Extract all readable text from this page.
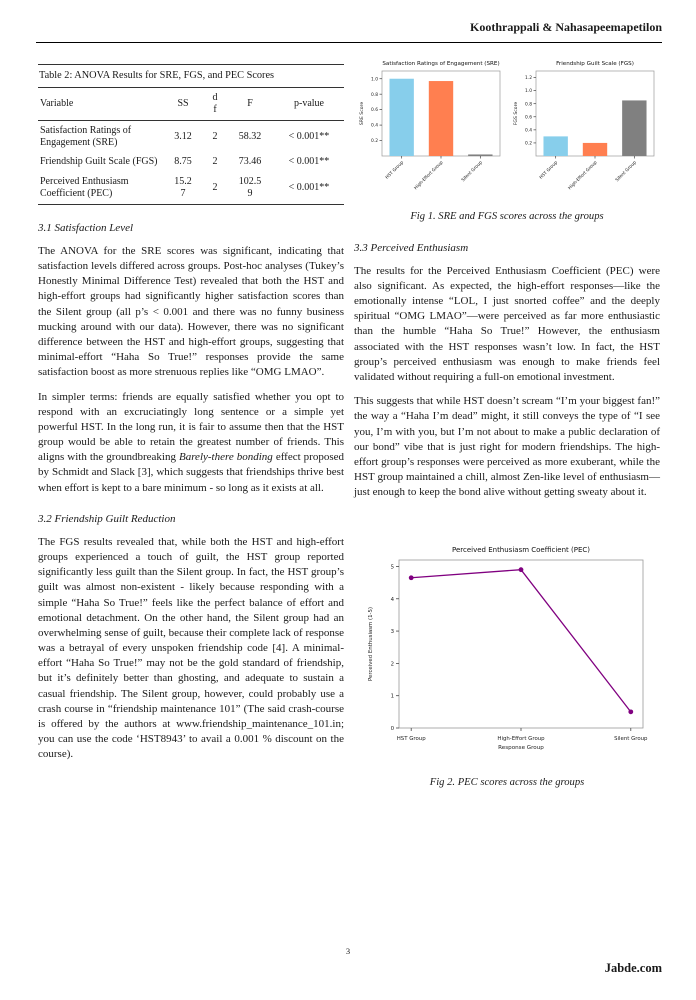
Koothrappali & Nahasapeemapetilon
Table 2: ANOVA Results for SRE, FGS, and PEC Scores
Variable	SS	df	F	p-value
Satisfaction Ratings of Engagement (SRE)	3.12	2	58.32	< 0.001**
Friendship Guilt Scale (FGS)	8.75	2	73.46	< 0.001**
Perceived Enthusiasm Coefficient (PEC)	15.27	2	102.59	< 0.001**
3.1 Satisfaction Level

The ANOVA for the SRE scores was significant, indicating that satisfaction levels differed across groups. Post-hoc analyses (Tukey’s Honestly Minimal Difference Test) revealed that both the HST and high-effort groups had significantly higher satisfaction scores than the Silent group (all p’s < 0.001 and there was no funny business mucking around with our data). However, there was no significant difference between the HST and high-effort groups, suggesting that minimal-effort “Haha So True!” responses provide the same satisfaction boost as more strenuous replies like “OMG LMAO”.

In simpler terms: friends are equally satisfied whether you opt to respond with an excruciatingly long sentence or a simple yet powerful HST. In the long run, it is fair to assume then that the HST group would be able to retain the greatest number of friends. This aligns with the groundbreaking Barely-there bonding effect proposed by Schmidt and Slack [3], which suggests that friendships thrive best when effort is kept to a bare minimum - so long as it exists at all.

3.2 Friendship Guilt Reduction

The FGS results revealed that, while both the HST and high-effort groups experienced a touch of guilt, the HST group reported significantly less guilt than the Silent group. In fact, the HST group’s guilt was almost non-existent - likely because responding with a simple “Haha So True!” feels like the perfect balance of effort and emotional detachment. On the other hand, the Silent group had an overwhelming sense of guilt, because their complete lack of response was a betrayal of every unspoken friendship code [4]. A minimal-effort “Haha So True!” may not be the gold standard of friendship, but it’s definitely better than ghosting, and adequate to sustain a casual friendship. The Silent group, however, could probably use a crash course in “friendship maintenance 101” (The said crash-course is offered by the authors at www.friendship_maintenance_101.in; you can use the code ‘HST8943’ to avail a 0.001 % discount on the course).

0.2
0.4
0.6
0.8
1.0
HST Group High-Effort Group	Silent Group
Satisfaction Ratings of Engagement (SRE)
SRE Score
0.2
0.4
0.6
0.8
1.0
1.2
HST Group High-Effort Group	Silent Group
Friendship Guilt Scale (FGS)
FGS Score
Fig 1. SRE and FGS scores across the groups
3.3 Perceived Enthusiasm

The results for the Perceived Enthusiasm Coefficient (PEC) were also significant. As expected, the high-effort responses—like the emotionally intense “LOL, I just snorted coffee” and the deeply spiritual “OMG LMAO”—were perceived as far more enthusiastic than the humble “Haha So True!” However, the enthusiasm associated with the HST responses wasn’t low. In fact, the HST group’s perceived enthusiasm was enough to make friends feel validated without requiring a full-on emotional investment.

This suggests that while HST doesn’t scream “I’m your biggest fan!” the way a “Haha I’m dead” might, it still conveys the type of “I see you, I’m with you, but I’m not about to make a public declaration of our bond” vibe that is just right for modern friendships. The high-effort group’s responses were perceived as more exuberant, while the HST group maintained a chill, almost Zen-like level of enthusiasm—just enough to keep the bond alive without getting sweaty about it.

0
1
2
3
4
5
HST Group	High-Effort Group	Silent Group
Response Group
Perceived Enthusiasm Coefficient (PEC)
Perceived Enthusiasm (1-5)
Fig 2. PEC scores across the groups
3
Jabde.com
